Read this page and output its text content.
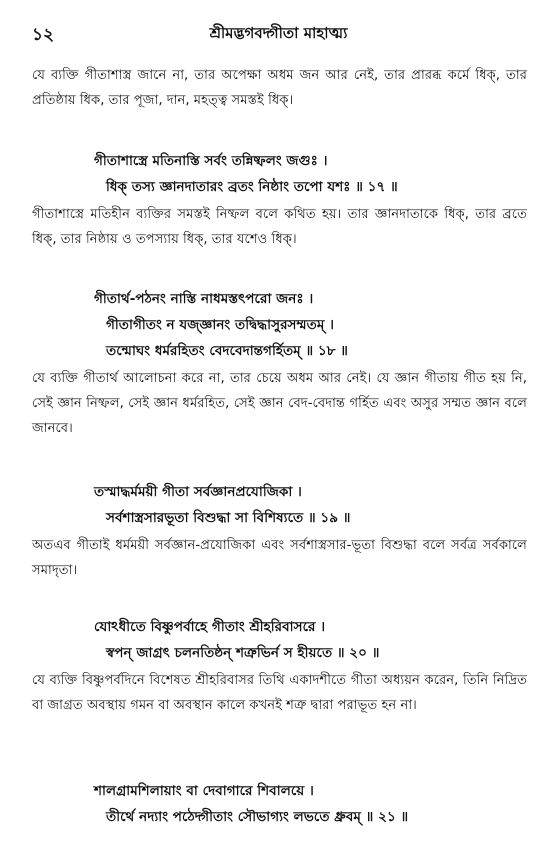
১২	শ্রীমদ্ভগবদ্গীতা মাহাত্ম্য
যে ব্যক্তি গীতাশাস্ত্র জানে না, তার অপেক্ষা অধম জন আর নেই, তার প্রারব্ধ কর্মে ধিক্, তার প্রতিষ্ঠায় ধিক, তার পূজা, দান, মহত্ত্ব সমস্তই ধিক্।
গীতাশাস্ত্রে মতিনাস্তি সর্বং তন্নিষ্ফলং জগুঃ ।
ধিক্ তস্য জ্ঞানদাতারং ব্রতং নিষ্ঠাং তপো যশঃ ॥ ১৭ ॥
গীতাশাস্ত্রে মতিহীন ব্যক্তির সমস্তই নিষ্ফল বলে কথিত হয়। তার জ্ঞানদাতাকে ধিক্, তার ব্রতে ধিক্, তার নিষ্ঠায় ও তপস্যায় ধিক্, তার যশেও ধিক্।
গীতার্থ-পঠনং নাস্তি নাধমস্তৎপরো জনঃ ।
গীতাগীতং ন যজ্জ্ঞানং তদ্বিদ্ধাসুরসম্মতম্ ।
তন্মোঘং ধর্মরহিতং বেদবেদান্তগর্হিতম্ ॥ ১৮ ॥
যে ব্যক্তি গীতার্থ আলোচনা করে না, তার চেয়ে অধম আর নেই। যে জ্ঞান গীতায় গীত হয় নি, সেই জ্ঞান নিষ্ফল, সেই জ্ঞান ধর্মরহিত, সেই জ্ঞান বেদ-বেদান্ত গর্হিত এবং অসুর সম্মত জ্ঞান বলে জানবে।
তস্মাদ্ধর্মময়ী গীতা সর্বজ্ঞানপ্রযোজিকা ।
সর্বশাস্ত্রসারভূতা বিশুদ্ধা সা বিশিষ্যতে ॥ ১৯ ॥
অতএব গীতাই ধর্মময়ী সর্বজ্ঞান-প্রযোজিকা এবং সর্বশাস্ত্রসার-ভূতা বিশুদ্ধা বলে সর্বত্র সর্বকালে সমাদৃতা।
যোঽধীতে বিষ্ণুপর্বাহে গীতাং শ্রীহরিবাসরে ।
স্বপন্ জাগ্রৎ চলনতিষ্ঠন্ শত্রুভির্ন স হীয়তে ॥ ২০ ॥
যে ব্যক্তি বিষ্ণুপর্বদিনে বিশেষত শ্রীহরিবাসর তিথি একাদশীতে গীতা অধ্যয়ন করেন, তিনি নিদ্রিত বা জাগ্রত অবস্থায় গমন বা অবস্থান কালে কখনই শত্রু দ্বারা পরাভূত হন না।
শালগ্রামশিলায়াং বা দেবাগারে শিবালয়ে ।
তীর্থে নদ্যাং পঠেদ্গীতাং সৌভাগ্যং লভতে ধ্রুবম্ ॥ ২১ ॥
